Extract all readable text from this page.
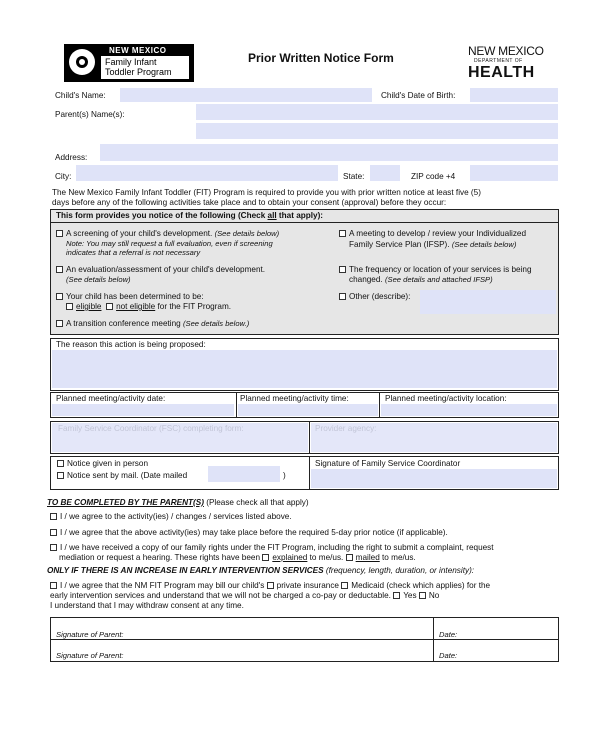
NEW MEXICO
Family Infant
Toddler Program
Prior Written Notice Form	NEW MEXICO
DEPARTMENT OF
HEALTH
Child's Name:	Child's Date of Birth:
Parent(s) Name(s):
Address:
City:	State:	ZIP code +4
The New Mexico Family Infant Toddler (FIT) Program is required to provide you with prior written notice at least five (5)
days before any of the following activities take place and to obtain your consent (approval) before they occur:
This form provides you notice of the following (Check all that apply):
A screening of your child's development. (See details below)
Note: You may still request a full evaluation, even if screening
indicates that a referral is not necessary
An evaluation/assessment of your child's development.
(See details below)
Your child has been determined to be:
eligible not eligible for the FIT Program.
A transition conference meeting (See details below.)
A meeting to develop / review your Individualized
Family Service Plan (IFSP). (See details below)
The frequency or location of your services is being
changed. (See details and attached IFSP)
Other (describe):
The reason this action is being proposed:
Planned meeting/activity date:	Planned meeting/activity time:	Planned meeting/activity location:
Notice given in person
Notice sent by mail. (Date mailed	)
Signature of Family Service Coordinator
TO BE COMPLETED BY THE PARENT(S) (Please check all that apply)
I / we agree to the activity(ies) / changes / services listed above.
I / we agree that the above activity(ies) may take place before the required 5-day prior notice (if applicable).
I / we have received a copy of our family rights under the FIT Program, including the right to submit a complaint, request
mediation or request a hearing. These rights have been explained to me/us. mailed to me/us.
ONLY IF THERE IS AN INCREASE IN EARLY INTERVENTION SERVICES (frequency, length, duration, or intensity):
I / we agree that the NM FIT Program may bill our child's private insurance Medicaid (check which applies) for the
early intervention services and understand that we will not be charged a co-pay or deductable. Yes No
I understand that I may withdraw consent at any time.
Signature of Parent:	Date:
Signature of Parent:	Date:
